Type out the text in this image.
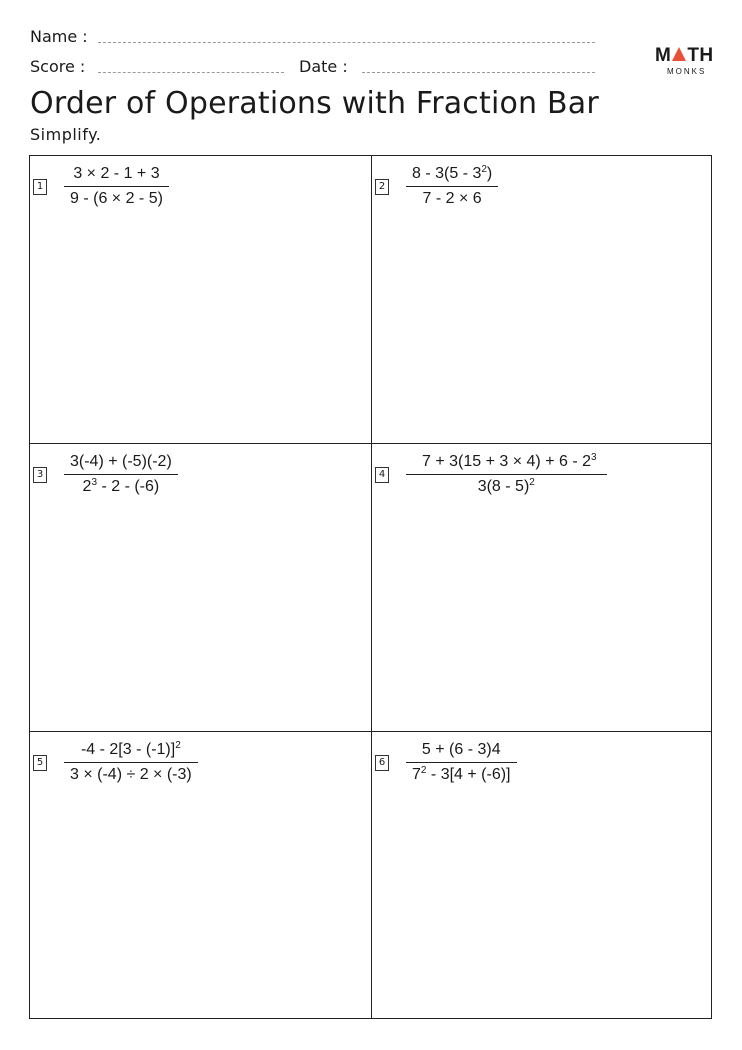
Name :
Score :	Date :
M TH
MONKS
Order of Operations with Fraction Bar
Simplify.
1
3 × 2 - 1 + 3
9 - (6 × 2 - 5)
2
$8 - 3(5 - 3^2)$
7 - 2 × 6
3
3(-4) + (-5)(-2)
$2^3 - 2 - (-6)$
4
$7 + 3(15 + 3 \times 4) + 6 - 2^3$
3(8 - 5)$^2$
5
-4 - 2[3 - (-1)]$^2$
3 × (-4) ÷ 2 × (-3)
6
5 + (6 - 3)4
$7^2 - 3[4 + (-6)]$
